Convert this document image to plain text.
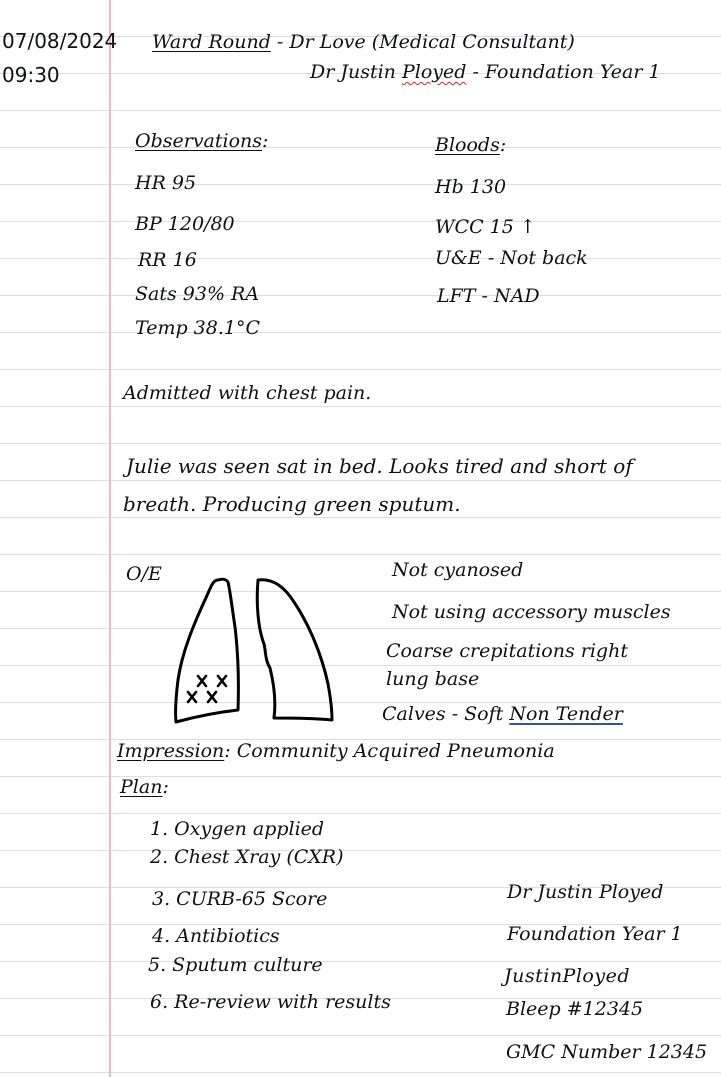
07/08/2024
09:30
Ward Round - Dr Love (Medical Consultant)
Dr Justin Ployed - Foundation Year 1
Observations:
HR 95
BP 120/80
RR 16
Sats 93% RA
Temp 38.1°C
Bloods:
Hb 130
WCC 15 ↑
U&E - Not back
LFT - NAD
Admitted with chest pain.
Julie was seen sat in bed. Looks tired and short of
breath. Producing green sputum.
O/E	Not cyanosed
Not using accessory muscles
Coarse crepitations right
lung base
Calves - Soft Non Tender
Impression: Community Acquired Pneumonia
Plan:
1. Oxygen applied
2. Chest Xray (CXR)
3. CURB-65 Score
4. Antibiotics
5. Sputum culture
6. Re-review with results
Dr Justin Ployed
Foundation Year 1
JustinPloyed
Bleep #12345
GMC Number 12345
